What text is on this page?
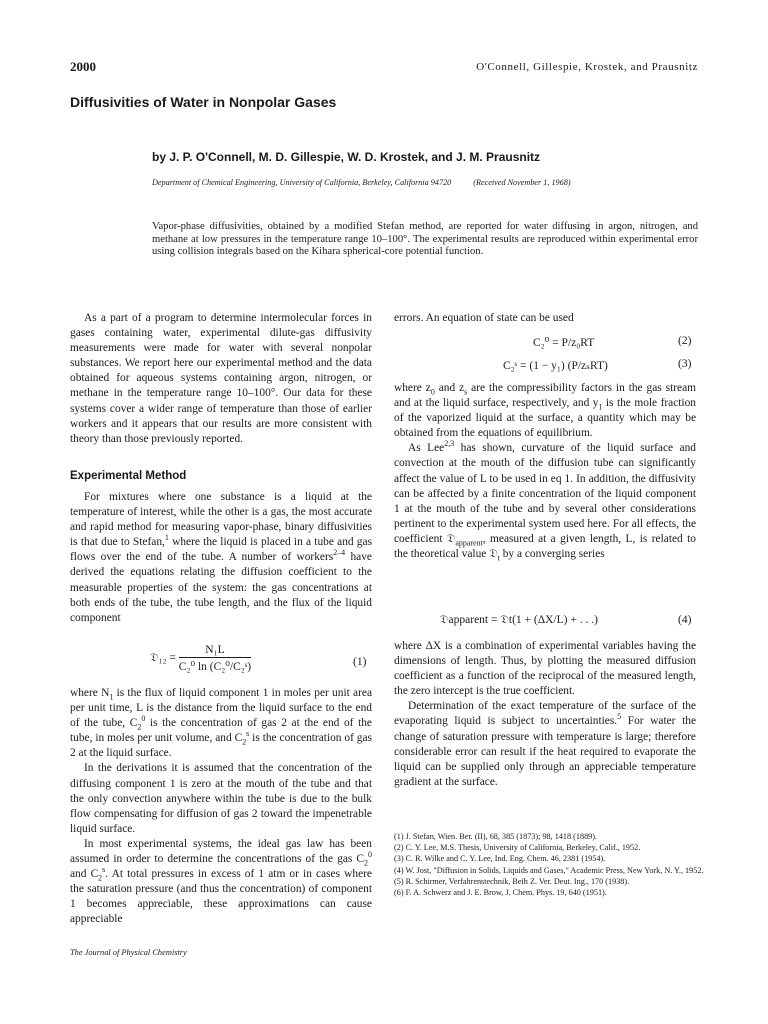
2000	O'Connell, Gillespie, Krostek, and Prausnitz
Diffusivities of Water in Nonpolar Gases
by J. P. O'Connell, M. D. Gillespie, W. D. Krostek, and J. M. Prausnitz
Department of Chemical Engineering, University of California, Berkeley, California 94720	(Received November 1, 1968)
Vapor-phase diffusivities, obtained by a modified Stefan method, are reported for water diffusing in argon, nitrogen, and methane at low pressures in the temperature range 10–100°. The experimental results are reproduced within experimental error using collision integrals based on the Kihara spherical-core potential function.

As a part of a program to determine intermolecular forces in gases containing water, experimental dilute-gas diffusivity measurements were made for water with several nonpolar substances. We report here our experimental method and the data obtained for aqueous systems containing argon, nitrogen, or methane in the temperature range 10–100°. Our data for these systems cover a wider range of temperature than those of earlier workers and it appears that our results are more consistent with theory than those previously reported.

Experimental Method

For mixtures where one substance is a liquid at the temperature of interest, while the other is a gas, the most accurate and rapid method for measuring vapor-phase, binary diffusivities is that due to Stefan,$^1$ where the liquid is placed in a tube and gas flows over the end of the tube. A number of workers$^{2-4}$ have derived the equations relating the diffusion coefficient to the measurable properties of the system: the gas concentrations at both ends of the tube, the tube length, and the flux of the liquid component

𝔇₁₂ = $\frac{\text{N₁L}}{\text{C₂⁰ ln (C₂⁰/C₂ˢ)}}$	(1)

where $N_1$ is the flux of liquid component 1 in moles per unit area per unit time, L is the distance from the liquid surface to the end of the tube, $C_2^0$ is the concentration of gas 2 at the end of the tube, in moles per unit volume, and $C_2^s$ is the concentration of gas 2 at the liquid surface.

In the derivations it is assumed that the concentration of the diffusing component 1 is zero at the mouth of the tube and that the only convection anywhere within the tube is due to the bulk flow compensating for diffusion of gas 2 toward the impenetrable liquid surface.

In most experimental systems, the ideal gas law has been assumed in order to determine the concentrations of the gas $C_2^0$ and $C_2^s$. At total pressures in excess of 1 atm or in cases where the saturation pressure (and thus the concentration) of component 1 becomes appreciable, these approximations can cause appreciable

errors. An equation of state can be used

C₂⁰ = P/z₀RT	(2)
C₂ˢ = (1 − y₁) (P/zₛRT)	(3)

where $z_0$ and $z_s$ are the compressibility factors in the gas stream and at the liquid surface, respectively, and $y_1$ is the mole fraction of the vaporized liquid at the surface, a quantity which may be obtained from the equations of equilibrium.

As Lee$^{2,3}$ has shown, curvature of the liquid surface and convection at the mouth of the diffusion tube can significantly affect the value of L to be used in eq 1. In addition, the diffusivity can be affected by a finite concentration of the liquid component 1 at the mouth of the tube and by several other considerations pertinent to the experimental system used here. For all effects, the coefficient 𝔇$_{apparent}$, measured at a given length, L, is related to the theoretical value 𝔇$_t$ by a converging series

𝔇apparent = 𝔇t(1 + (ΔX/L) + . . .)	(4)

where ΔX is a combination of experimental variables having the dimensions of length. Thus, by plotting the measured diffusion coefficient as a function of the reciprocal of the measured length, the zero intercept is the true coefficient.

Determination of the exact temperature of the surface of the evaporating liquid is subject to uncertainties.$^5$ For water the change of saturation pressure with temperature is large; therefore considerable error can result if the heat required to evaporate the liquid can be supplied only through an appreciable temperature gradient at the surface.

(1) J. Stefan, Wien. Ber. (II), 68, 385 (1873); 98, 1418 (1889).
(2) C. Y. Lee, M.S. Thesis, University of California, Berkeley, Calif., 1952.
(3) C. R. Wilke and C. Y. Lee, Ind. Eng. Chem. 46, 2381 (1954).
(4) W. Jost, "Diffusion in Solids, Liquids and Gases," Academic Press, New York, N. Y., 1952.
(5) R. Schirmer, Verfahrenstechnik, Beih Z. Ver. Deut. Ing., 170 (1938).
(6) F. A. Schwerz and J. E. Brow, J. Chem. Phys. 19, 640 (1951).
The Journal of Physical Chemistry
